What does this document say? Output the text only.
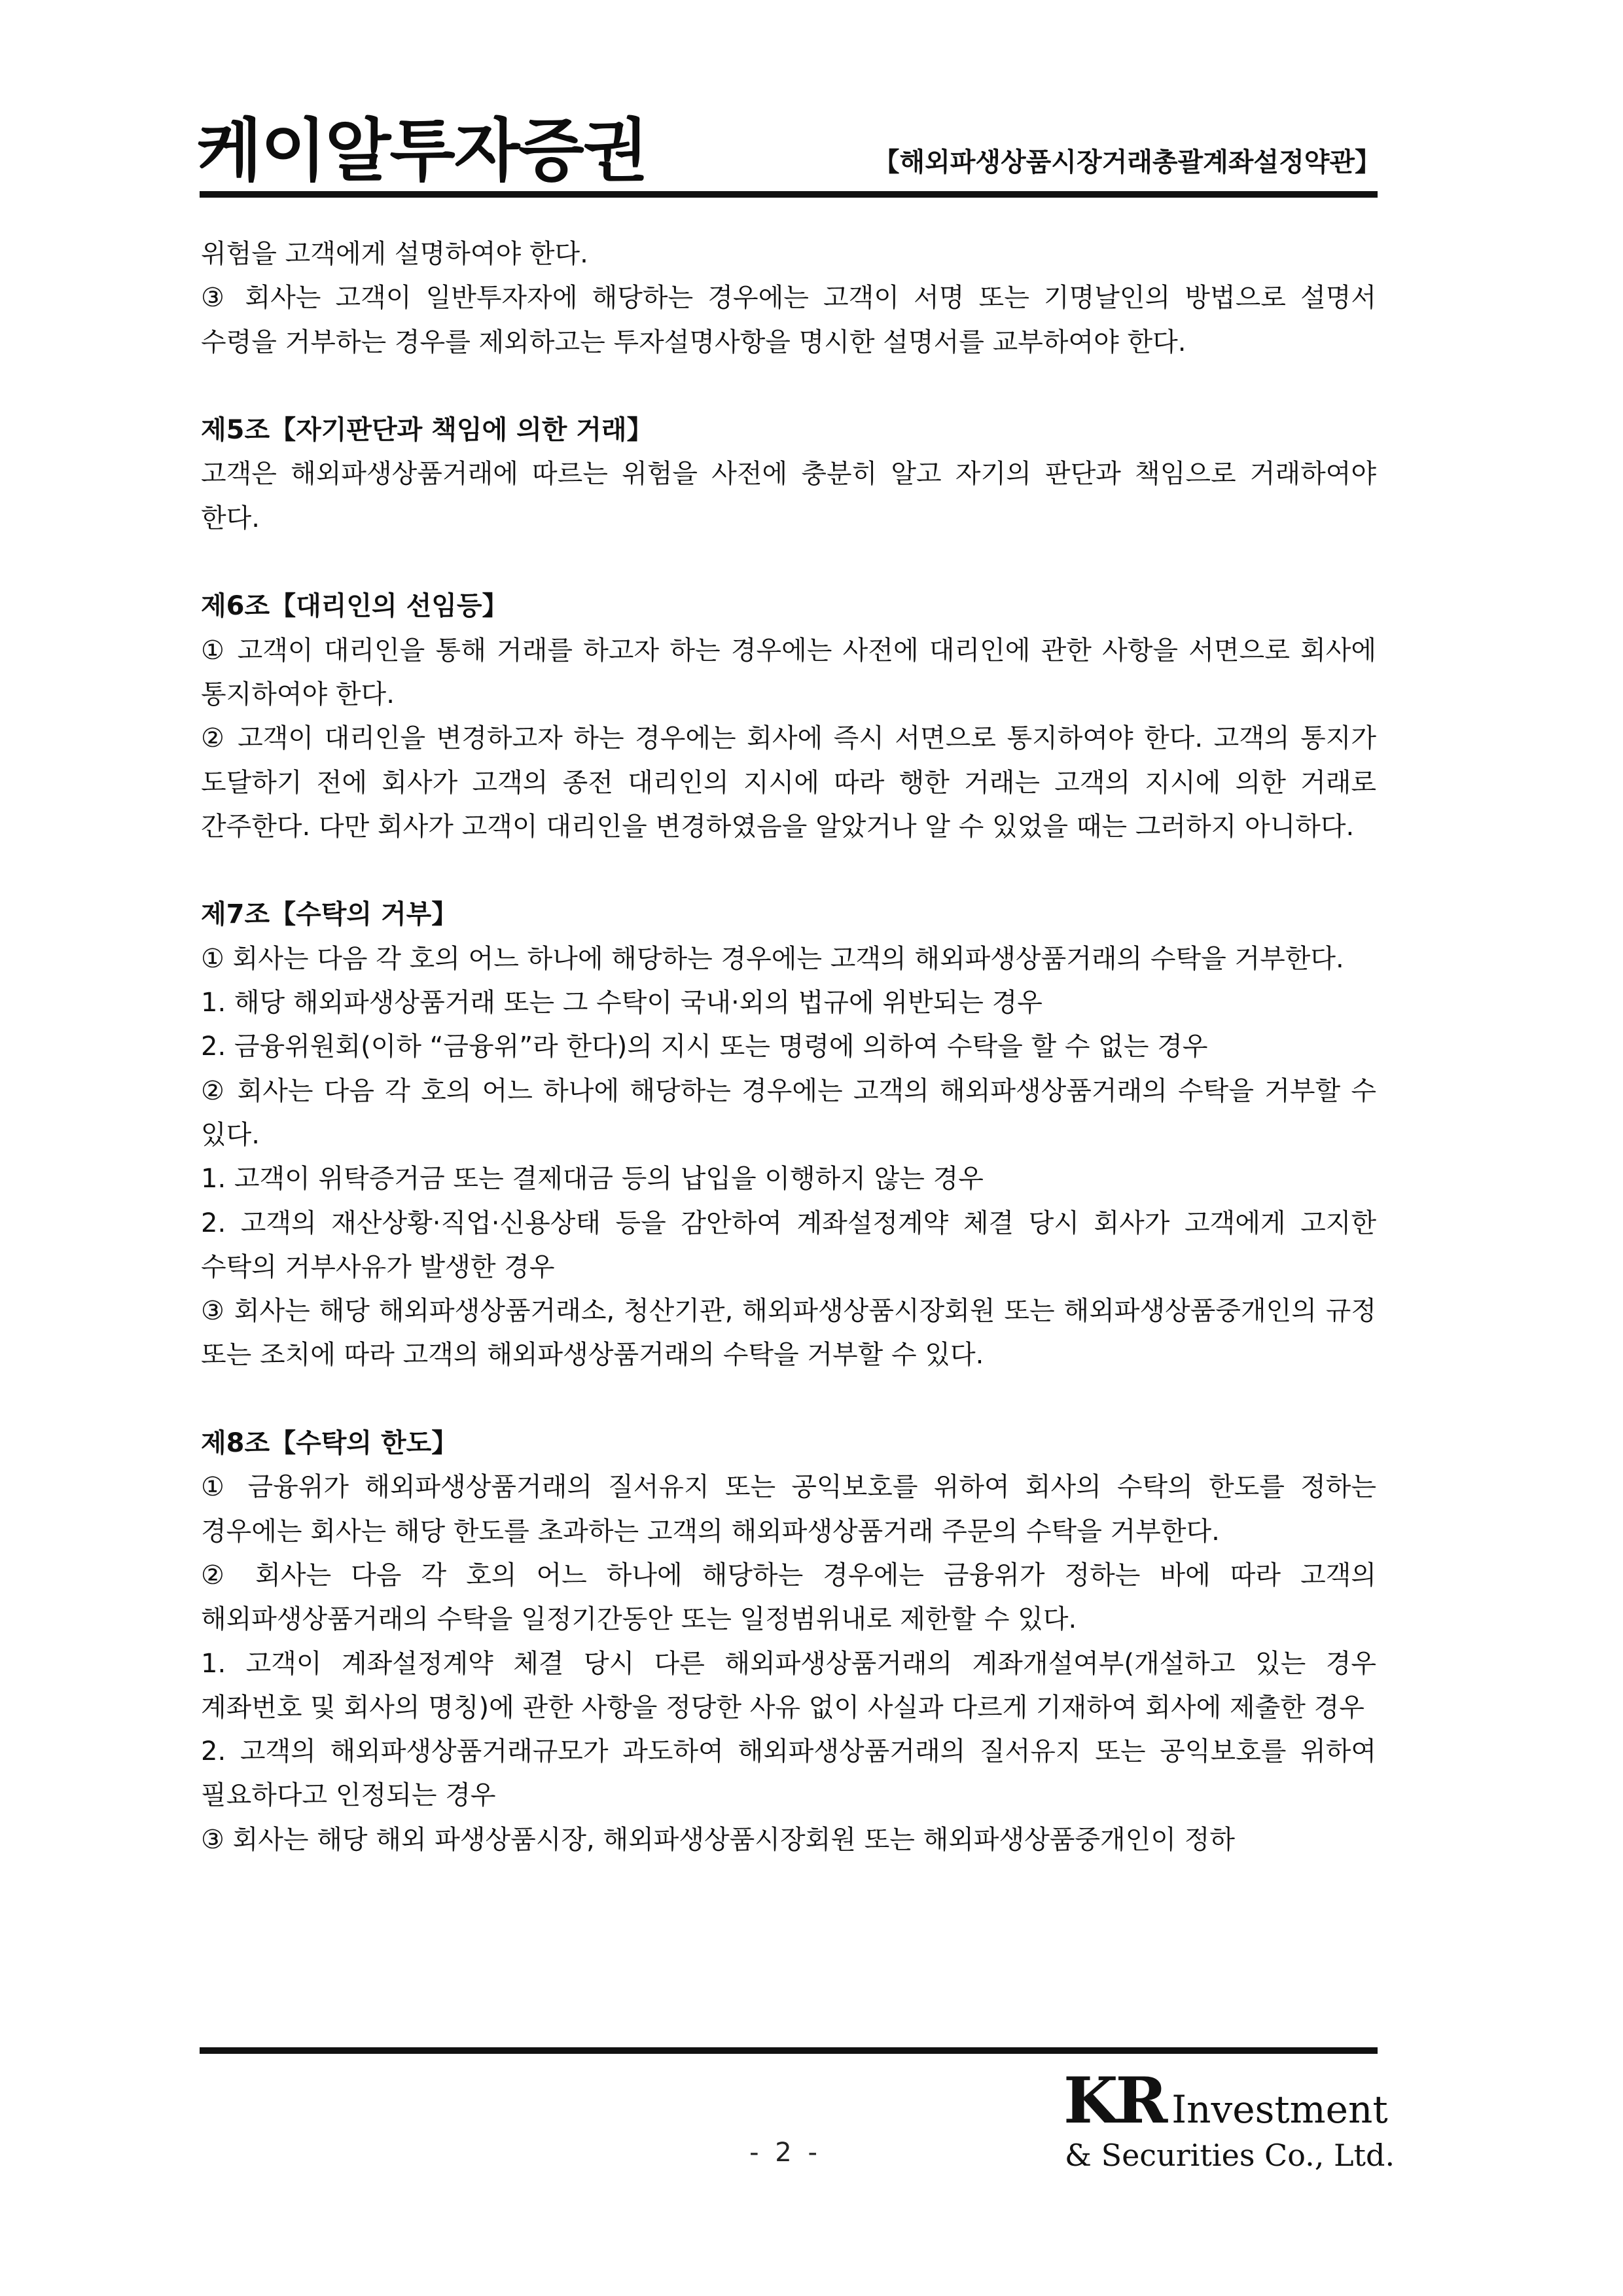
케이알투자증권	【해외파생상품시장거래총괄계좌설정약관】

위험을 고객에게 설명하여야 한다.

③ 회사는 고객이 일반투자자에 해당하는 경우에는 고객이 서명 또는 기명날인의 방법으로 설명서 수령을 거부하는 경우를 제외하고는 투자설명사항을 명시한 설명서를 교부하여야 한다.

제5조【자기판단과 책임에 의한 거래】

고객은 해외파생상품거래에 따르는 위험을 사전에 충분히 알고 자기의 판단과 책임으로 거래하여야 한다.

제6조【대리인의 선임등】

① 고객이 대리인을 통해 거래를 하고자 하는 경우에는 사전에 대리인에 관한 사항을 서면으로 회사에 통지하여야 한다.

② 고객이 대리인을 변경하고자 하는 경우에는 회사에 즉시 서면으로 통지하여야 한다. 고객의 통지가 도달하기 전에 회사가 고객의 종전 대리인의 지시에 따라 행한 거래는 고객의 지시에 의한 거래로 간주한다. 다만 회사가 고객이 대리인을 변경하였음을 알았거나 알 수 있었을 때는 그러하지 아니하다.

제7조【수탁의 거부】

① 회사는 다음 각 호의 어느 하나에 해당하는 경우에는 고객의 해외파생상품거래의 수탁을 거부한다.

1. 해당 해외파생상품거래 또는 그 수탁이 국내·외의 법규에 위반되는 경우

2. 금융위원회(이하 “금융위”라 한다)의 지시 또는 명령에 의하여 수탁을 할 수 없는 경우

② 회사는 다음 각 호의 어느 하나에 해당하는 경우에는 고객의 해외파생상품거래의 수탁을 거부할 수 있다.

1. 고객이 위탁증거금 또는 결제대금 등의 납입을 이행하지 않는 경우

2. 고객의 재산상황·직업·신용상태 등을 감안하여 계좌설정계약 체결 당시 회사가 고객에게 고지한 수탁의 거부사유가 발생한 경우

③ 회사는 해당 해외파생상품거래소, 청산기관, 해외파생상품시장회원 또는 해외파생상품중개인의 규정 또는 조치에 따라 고객의 해외파생상품거래의 수탁을 거부할 수 있다.

제8조【수탁의 한도】

① 금융위가 해외파생상품거래의 질서유지 또는 공익보호를 위하여 회사의 수탁의 한도를 정하는 경우에는 회사는 해당 한도를 초과하는 고객의 해외파생상품거래 주문의 수탁을 거부한다.

② 회사는 다음 각 호의 어느 하나에 해당하는 경우에는 금융위가 정하는 바에 따라 고객의 해외파생상품거래의 수탁을 일정기간동안 또는 일정범위내로 제한할 수 있다.

1. 고객이 계좌설정계약 체결 당시 다른 해외파생상품거래의 계좌개설여부(개설하고 있는 경우 계좌번호 및 회사의 명칭)에 관한 사항을 정당한 사유 없이 사실과 다르게 기재하여 회사에 제출한 경우

2. 고객의 해외파생상품거래규모가 과도하여 해외파생상품거래의 질서유지 또는 공익보호를 위하여 필요하다고 인정되는 경우

③ 회사는 해당 해외 파생상품시장, 해외파생상품시장회원 또는 해외파생상품중개인이 정하

- 2 -
KR Investment
& Securities Co., Ltd.
